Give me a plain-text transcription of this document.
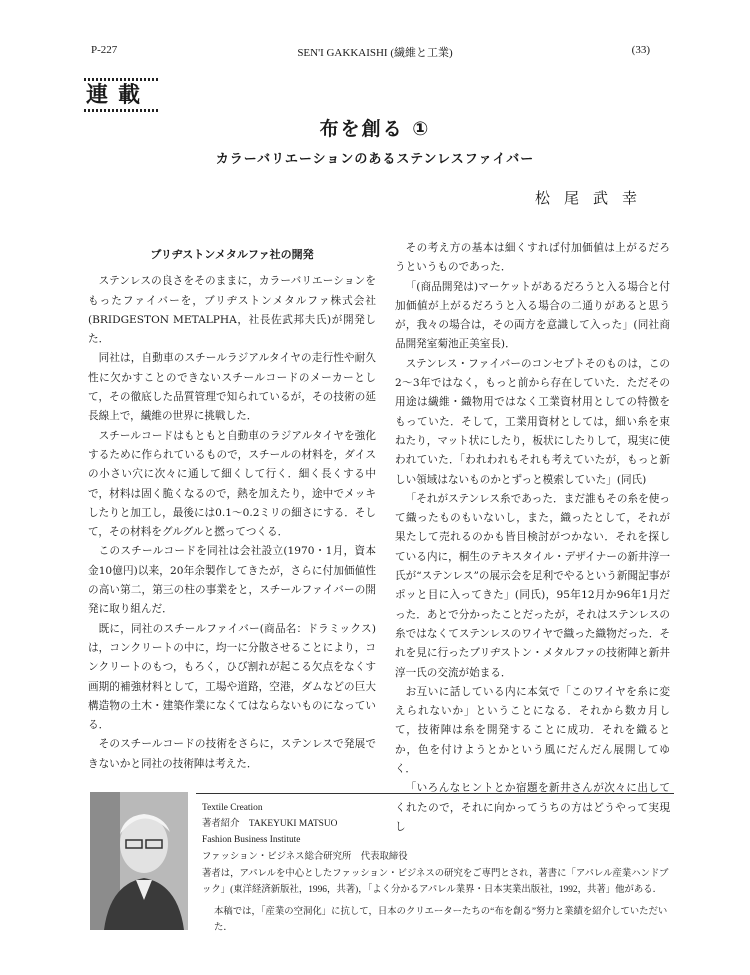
P-227	SEN'I GAKKAISHI (繊維と工業)	(33)
連載
布を創る ①
カラーバリエーションのあるステンレスファイバー
松尾武幸
ブリヂストンメタルファ社の開発

ステンレスの良さをそのままに，カラーバリエーションをもったファイバーを，ブリヂストンメタルファ株式会社(BRIDGESTON METALPHA，社長佐武邦夫氏)が開発した．

同社は，自動車のスチールラジアルタイヤの走行性や耐久性に欠かすことのできないスチールコードのメーカーとして，その徹底した品質管理で知られているが，その技術の延長線上で，繊維の世界に挑戦した．

スチールコードはもともと自動車のラジアルタイヤを強化するために作られているもので，スチールの材料を，ダイスの小さい穴に次々に通して細くして行く．細く長くする中で，材料は固く脆くなるので，熱を加えたり，途中でメッキしたりと加工し，最後には0.1～0.2ミリの細さにする．そして，その材料をグルグルと撚ってつくる．

このスチールコードを同社は会社設立(1970・1月，資本金10億円)以来，20年余製作してきたが，さらに付加価値性の高い第二，第三の柱の事業をと，スチールファイバーの開発に取り組んだ．

既に，同社のスチールファイバー(商品名：ドラミックス)は，コンクリートの中に，均一に分散させることにより，コンクリートのもつ，もろく，ひび割れが起こる欠点をなくす画期的補強材料として，工場や道路，空港，ダムなどの巨大構造物の土木・建築作業になくてはならないものになっている．

そのスチールコードの技術をさらに，ステンレスで発展できないかと同社の技術陣は考えた．

その考え方の基本は細くすれば付加価値は上がるだろうというものであった．

「(商品開発は)マーケットがあるだろうと入る場合と付加価値が上がるだろうと入る場合の二通りがあると思うが，我々の場合は，その両方を意識して入った」(同社商品開発室菊池正美室長)．

ステンレス・ファイバーのコンセプトそのものは，この2～3年ではなく，もっと前から存在していた．ただその用途は繊維・織物用ではなく工業資材用としての特徴をもっていた．そして，工業用資材としては，細い糸を束ねたり，マット状にしたり，板状にしたりして，現実に使われていた．「われわれもそれも考えていたが，もっと新しい領域はないものかとずっと模索していた」(同氏)

「それがステンレス糸であった．まだ誰もその糸を使って織ったものもいないし，また，織ったとして，それが果たして売れるのかも皆目検討がつかない．それを探している内に，桐生のテキスタイル・デザイナーの新井淳一氏が“ステンレス”の展示会を足利でやるという新聞記事がポッと目に入ってきた」(同氏)，95年12月か96年1月だった．あとで分かったことだったが，それはステンレスの糸ではなくてステンレスのワイヤで織った織物だった．それを見に行ったブリヂストン・メタルファの技術陣と新井淳一氏の交流が始まる．

お互いに話している内に本気で「このワイヤを糸に変えられないか」ということになる．それから数カ月して，技術陣は糸を開発することに成功．それを織るとか，色を付けようとかという風にだんだん展開してゆく．

「いろんなヒントとか宿題を新井さんが次々に出してくれたので，それに向かってうちの方はどうやって実現し

Textile Creation
著者紹介　TAKEYUKI MATSUO
Fashion Business Institute
ファッション・ビジネス総合研究所　代表取締役
著者は，アパレルを中心としたファッション・ビジネスの研究をご専門とされ，著書に「アパレル産業ハンドブック」(東洋経済新版社，1996，共著)，「よく分かるアパレル業界・日本実業出版社，1992，共著」他がある．
本稿では，「産業の空洞化」に抗して，日本のクリエーターたちの“布を創る”努力と業績を紹介していただいた．
